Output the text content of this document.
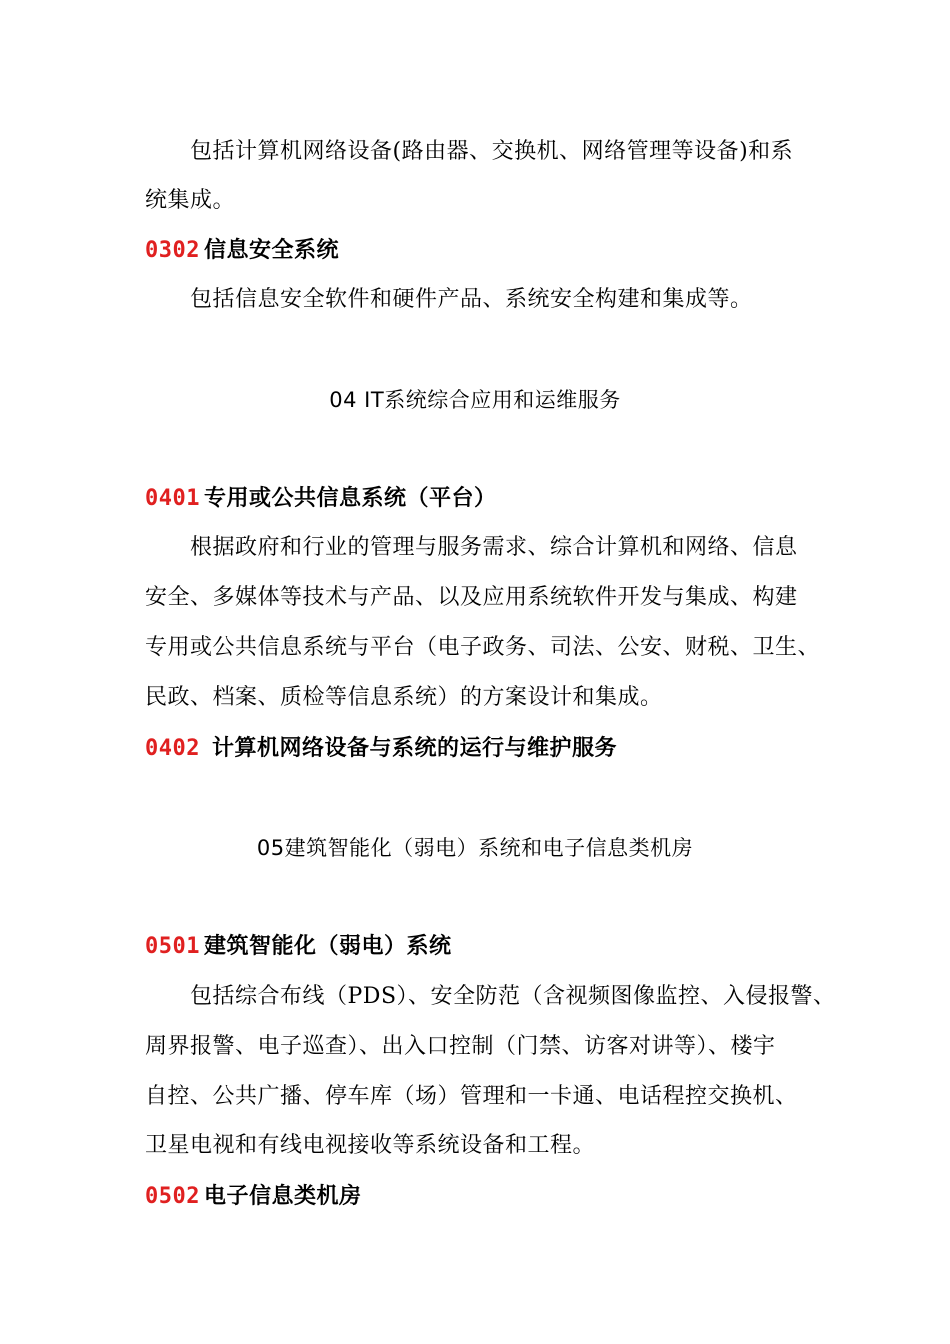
包括计算机网络设备(路由器、交换机、网络管理等设备)和系
统集成。
0302 信息安全系统
包括信息安全软件和硬件产品、系统安全构建和集成等。
04 IT系统综合应用和运维服务
0401 专用或公共信息系统（平台）
根据政府和行业的管理与服务需求、综合计算机和网络、信息
安全、多媒体等技术与产品、以及应用系统软件开发与集成、构建
专用或公共信息系统与平台（电子政务、司法、公安、财税、卫生、
民政、档案、质检等信息系统）的方案设计和集成。
0402 计算机网络设备与系统的运行与维护服务
05建筑智能化（弱电）系统和电子信息类机房
0501 建筑智能化（弱电）系统
包括综合布线（PDS）、安全防范（含视频图像监控、入侵报警、
周界报警、电子巡查）、出入口控制（门禁、访客对讲等）、楼宇
自控、公共广播、停车库（场）管理和一卡通、电话程控交换机、
卫星电视和有线电视接收等系统设备和工程。
0502 电子信息类机房
